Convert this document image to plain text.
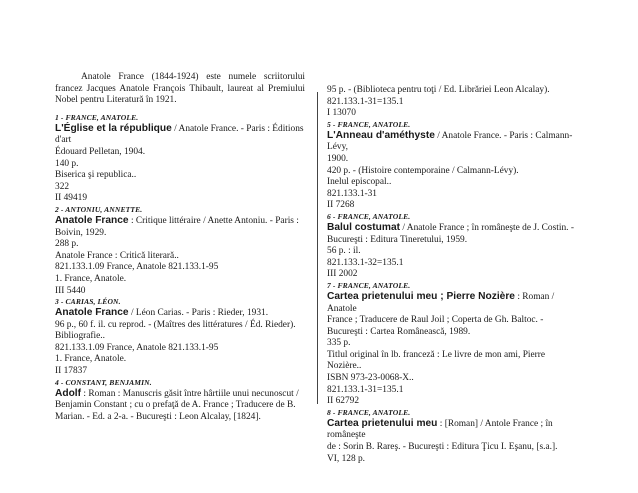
Anatole France (1844-1924) este numele scriitorului francez Jacques Anatole François Thibault, laureat al Premiului Nobel pentru Literatură în 1921.

1 - FRANCE, ANATOLE.
L'Église et la république / Anatole France. - Paris : Éditions d'art
Édouard Pelletan, 1904.
140 p.
Biserica şi republica..
322
II 49419
2 - ANTONIU, ANNETTE.
Anatole France : Critique littéraire / Anette Antoniu. - Paris :
Boivin, 1929.
288 p.
Anatole France : Critică literară..
821.133.1.09 France, Anatole 821.133.1-95
1. France, Anatole.
III 5440
3 - CARIAS, LÉON.
Anatole France / Léon Carias. - Paris : Rieder, 1931.
96 p., 60 f. il. cu reprod. - (Maîtres des littératures / Éd. Rieder).
Bibliografie..
821.133.1.09 France, Anatole 821.133.1-95
1. France, Anatole.
II 17837
4 - CONSTANT, BENJAMIN.
Adolf : Roman : Manuscris găsit între hârtiile unui necunoscut / Benjamin Constant ; cu o prefaţă de A. France ; Traducere de B. Marian. - Ed. a 2-a. - Bucureşti : Leon Alcalay, [1824].
95 p. - (Biblioteca pentru toţi / Ed. Librăriei Leon Alcalay).
821.133.1-31=135.1
I 13070
5 - FRANCE, ANATOLE.
L'Anneau d'améthyste / Anatole France. - Paris : Calmann-Lévy,
1900.
420 p. - (Histoire contemporaine / Calmann-Lévy).
Inelul episcopal..
821.133.1-31
II 7268
6 - FRANCE, ANATOLE.
Balul costumat / Anatole France ; în româneşte de J. Costin. -
Bucureşti : Editura Tineretului, 1959.
56 p. : il.
821.133.1-32=135.1
III 2002
7 - FRANCE, ANATOLE.
Cartea prietenului meu ; Pierre Nozière : Roman / Anatole
France ; Traducere de Raul Joil ; Coperta de Gh. Baltoc. -
Bucureşti : Cartea Românească, 1989.
335 p.
Titlul original în lb. franceză : Le livre de mon ami, Pierre
Nozière..
ISBN 973-23-0068-X..
821.133.1-31=135.1
II 62792
8 - FRANCE, ANATOLE.
Cartea prietenului meu : [Roman] / Antole France ; în româneşte
de : Sorin B. Rareş. - Bucureşti : Editura Ţicu I. Eşanu, [s.a.].
VI, 128 p.
